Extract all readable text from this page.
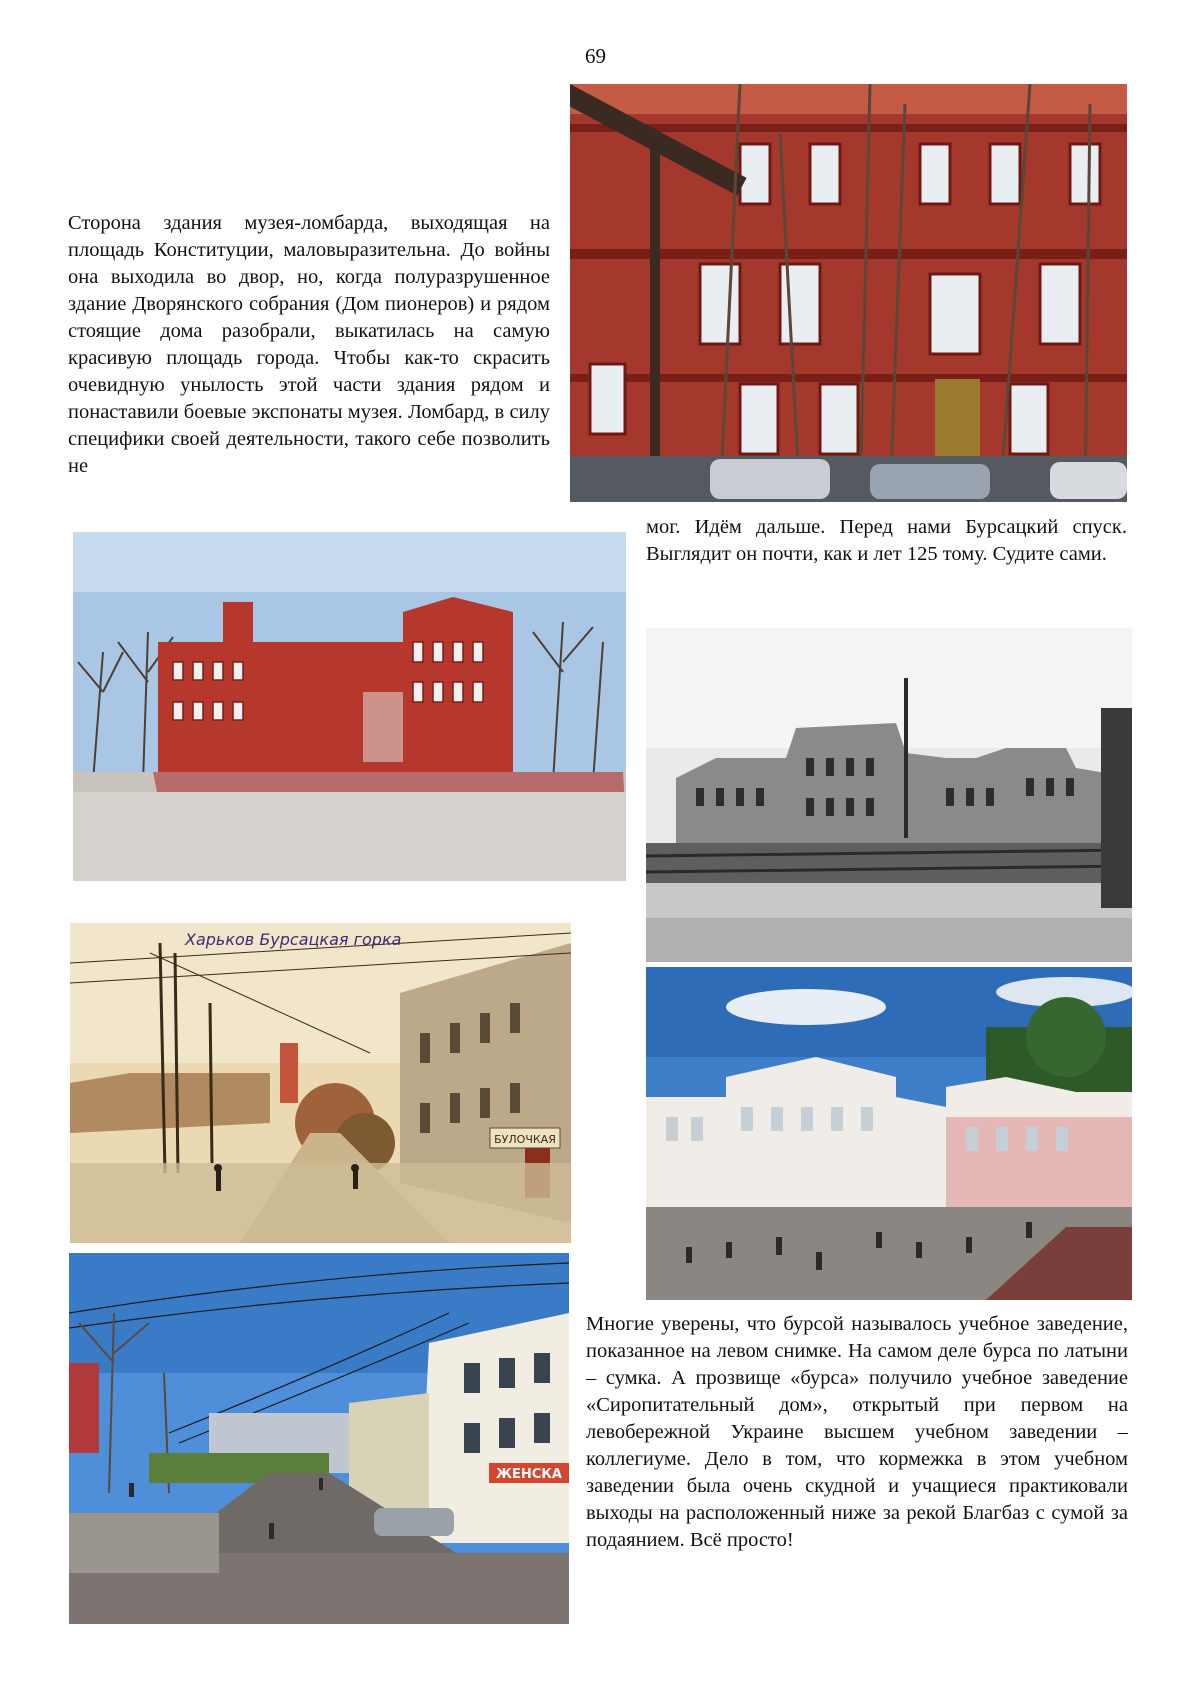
69

Сторона здания музея-ломбарда, выходящая на площадь Конституции, маловыразительна. До войны она выходила во двор, но, когда полуразрушенное здание Дворянского собрания (Дом пионеров) и рядом стоящие дома разобрали, выкатилась на самую красивую площадь города. Чтобы как-то скрасить очевидную унылость этой части здания рядом и понаставили боевые экспонаты музея. Ломбард, в силу специфики своей деятельности, такого себе позволить не

мог. Идём дальше. Перед нами Бурсацкий спуск. Выглядит он почти, как и лет 125 тому. Судите сами.

БУЛОЧКАЯ
Харьков Бурсацкая горка

Многие уверены, что бурсой называлось учебное заведение, показанное на левом снимке. На самом деле бурса по латыни – сумка. А прозвище «бурса» получило учебное заведение «Сиропитательный дом», открытый при первом на левобережной Украине высшем учебном заведении – коллегиуме. Дело в том, что кормежка в этом учебном заведении была очень скудной и учащиеся практиковали выходы на расположенный ниже за рекой Благбаз с сумой за подаянием. Всё просто!

ЖЕНСКА
